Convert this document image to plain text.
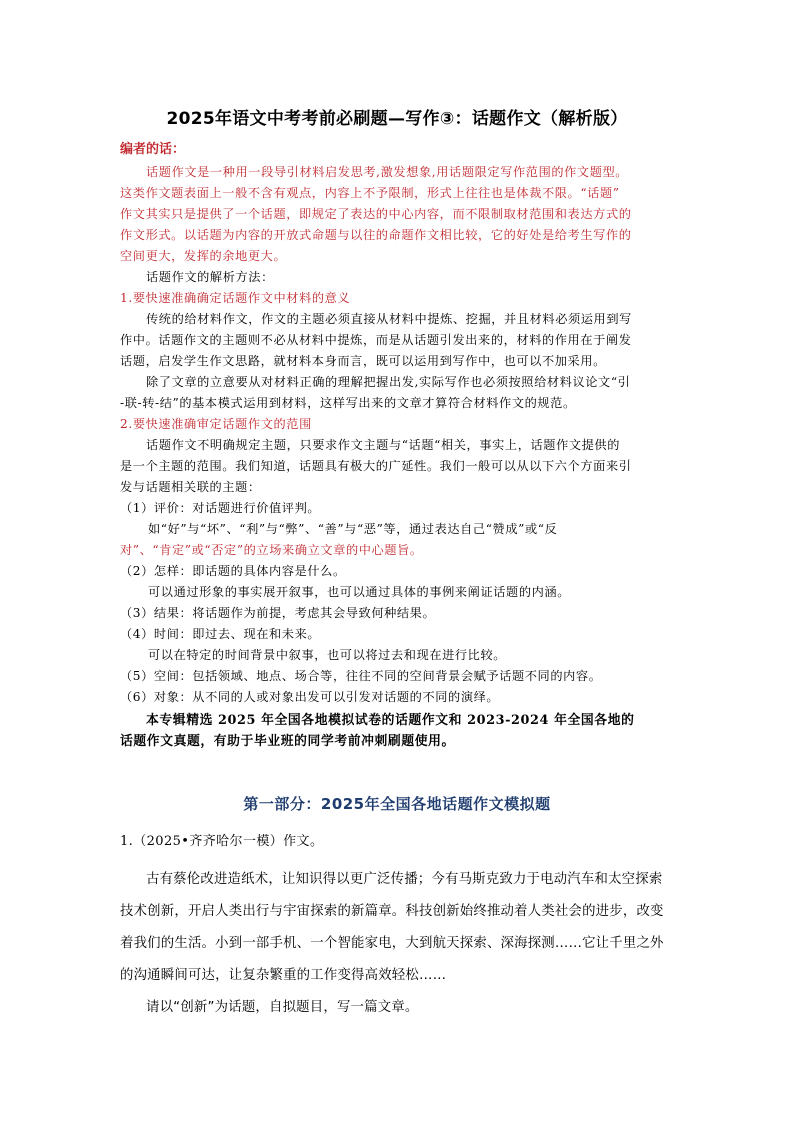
2025年语文中考考前必刷题—写作③：话题作文（解析版）
编者的话：
话题作文是一种用一段导引材料启发思考,激发想象,用话题限定写作范围的作文题型。
这类作文题表面上一般不含有观点，内容上不予限制，形式上往往也是体裁不限。“话题”
作文其实只是提供了一个话题，即规定了表达的中心内容，而不限制取材范围和表达方式的
作文形式。以话题为内容的开放式命题与以往的命题作文相比较，它的好处是给考生写作的
空间更大，发挥的余地更大。
话题作文的解析方法：
1.要快速准确确定话题作文中材料的意义
传统的给材料作文，作文的主题必须直接从材料中提炼、挖掘，并且材料必须运用到写
作中。话题作文的主题则不必从材料中提炼，而是从话题引发出来的，材料的作用在于阐发
话题，启发学生作文思路，就材料本身而言，既可以运用到写作中，也可以不加采用。
除了文章的立意要从对材料正确的理解把握出发,实际写作也必须按照给材料议论文“引
-联-转-结”的基本模式运用到材料，这样写出来的文章才算符合材料作文的规范。
2.要快速准确审定话题作文的范围
话题作文不明确规定主题，只要求作文主题与“话题“相关，事实上，话题作文提供的
是一个主题的范围。我们知道，话题具有极大的广延性。我们一般可以从以下六个方面来引
发与话题相关联的主题：
（1）评价：对话题进行价值评判。
如“好”与“坏”、“利”与“弊”、“善”与“恶”等，通过表达自己“赞成”或“反
对”、“肯定”或“否定”的立场来确立文章的中心题旨。
（2）怎样：即话题的具体内容是什么。
可以通过形象的事实展开叙事，也可以通过具体的事例来阐证话题的内涵。
（3）结果：将话题作为前提，考虑其会导致何种结果。
（4）时间：即过去、现在和未来。
可以在特定的时间背景中叙事，也可以将过去和现在进行比较。
（5）空间：包括领域、地点、场合等，往往不同的空间背景会赋予话题不同的内容。
（6）对象：从不同的人或对象出发可以引发对话题的不同的演绎。
本专辑精选 2025 年全国各地模拟试卷的话题作文和 2023-2024 年全国各地的
话题作文真题，有助于毕业班的同学考前冲刺刷题使用。
第一部分：2025年全国各地话题作文模拟题
1.（2025•齐齐哈尔一模）作文。
古有蔡伦改进造纸术，让知识得以更广泛传播；今有马斯克致力于电动汽车和太空探索
技术创新，开启人类出行与宇宙探索的新篇章。科技创新始终推动着人类社会的进步，改变
着我们的生活。小到一部手机、一个智能家电，大到航天探索、深海探测……它让千里之外
的沟通瞬间可达，让复杂繁重的工作变得高效轻松……
请以“创新”为话题，自拟题目，写一篇文章。
